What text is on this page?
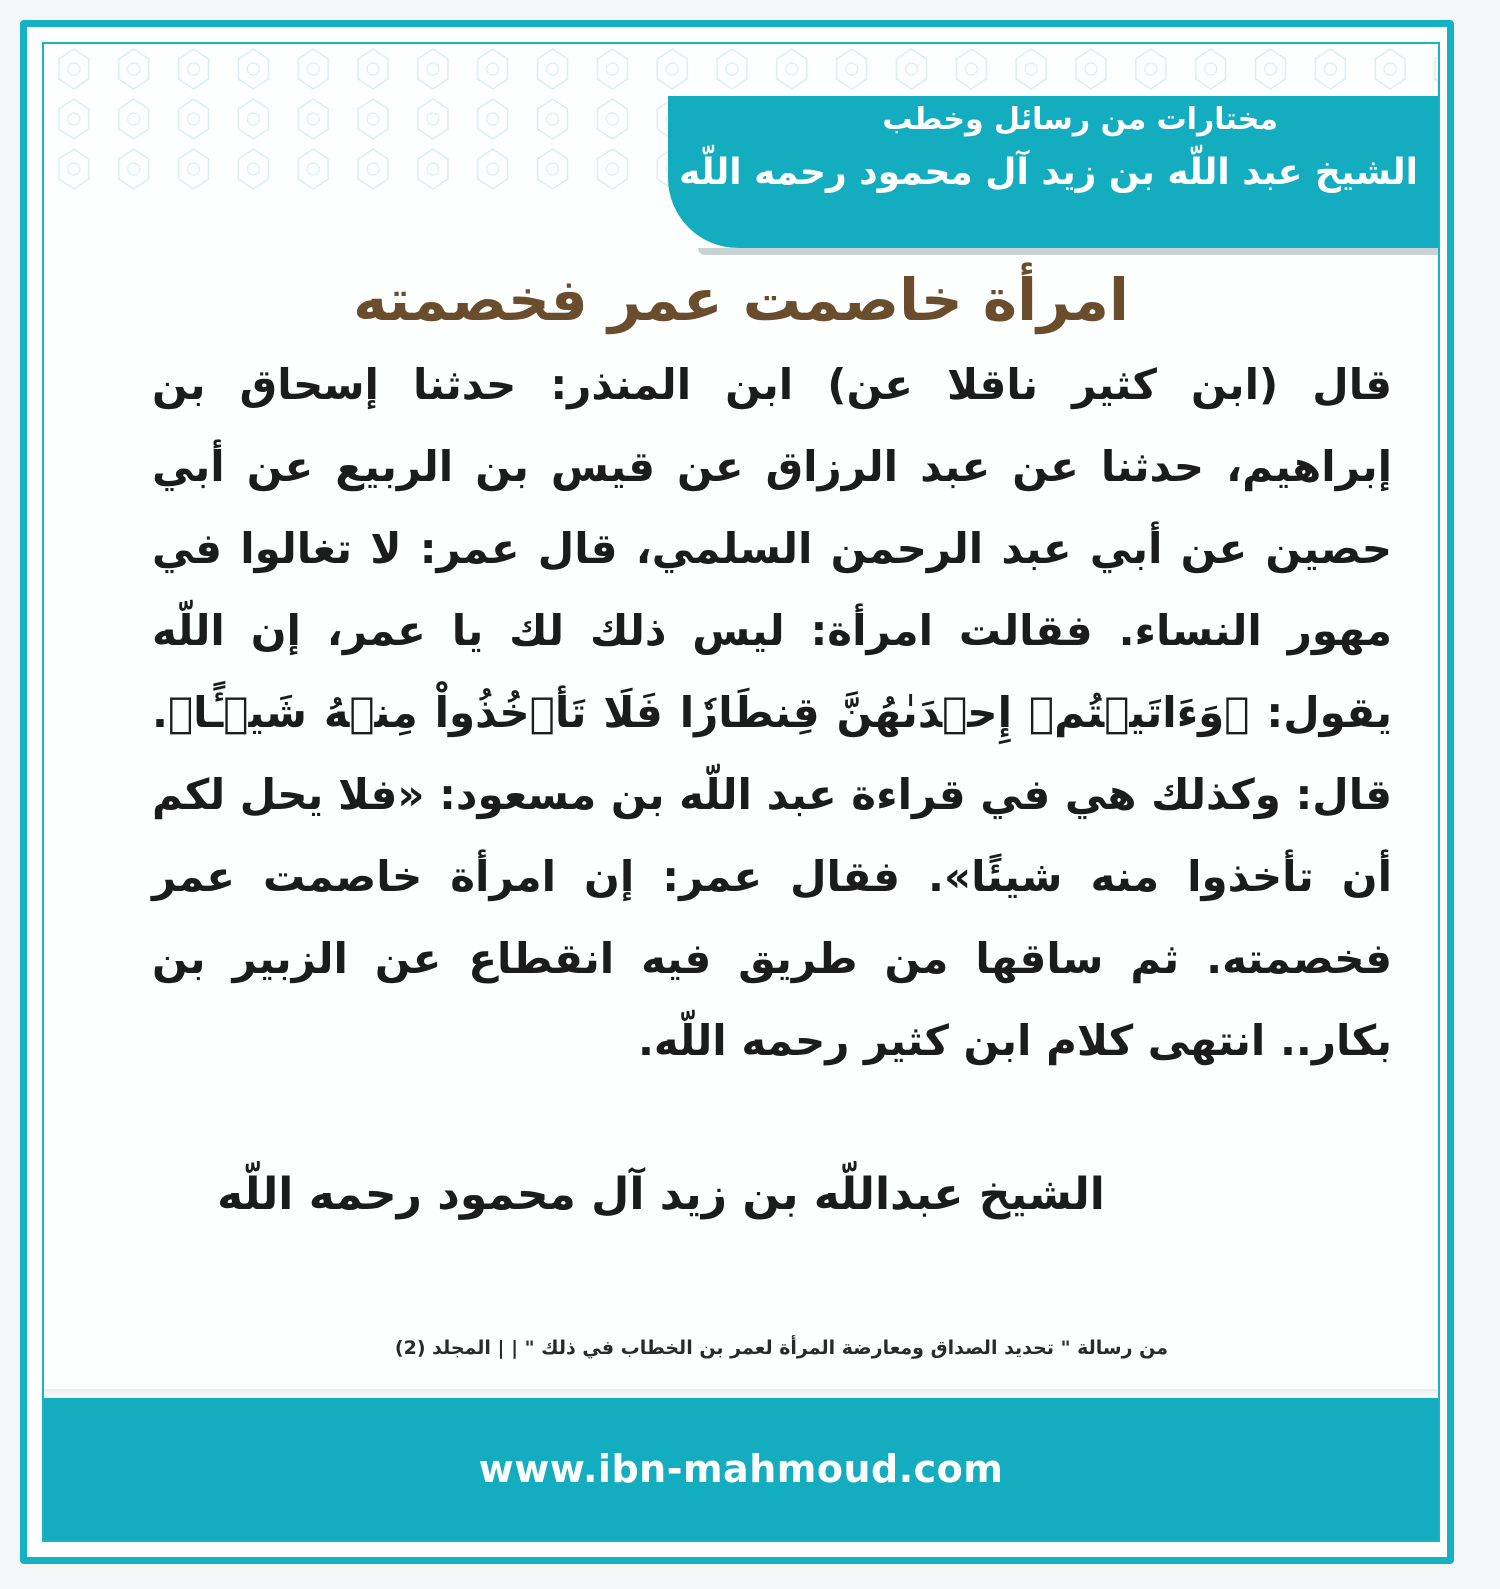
مختارات من رسائل وخطب
الشيخ عبد اللّه بن زيد آل محمود رحمه اللّه
امرأة خاصمت عمر فخصمته
قال (ابن كثير ناقلا عن) ابن المنذر: حدثنا إسحاق بن إبراهيم، حدثنا عن عبد الرزاق عن قيس بن الربيع عن أبي حصين عن أبي عبد الرحمن السلمي، قال عمر: لا تغالوا في مهور النساء. فقالت امرأة: ليس ذلك لك يا عمر، إن اللّه يقول: ﴿وَءَاتَيۡتُمۡ إِحۡدَىٰهُنَّ قِنطَارٗا فَلَا تَأۡخُذُواْ مِنۡهُ شَيۡـًٔا﴾. قال: وكذلك هي في قراءة عبد اللّه بن مسعود: «فلا يحل لكم أن تأخذوا منه شيئًا». فقال عمر: إن امرأة خاصمت عمر فخصمته. ثم ساقها من طريق فيه انقطاع عن الزبير بن بكار.. انتهى كلام ابن كثير رحمه اللّه.
الشيخ عبداللّه بن زيد آل محمود رحمه اللّه
من رسالة " تحديد الصداق ومعارضة المرأة لعمر بن الخطاب في ذلك " | | المجلد (2)
www.ibn-mahmoud.com
